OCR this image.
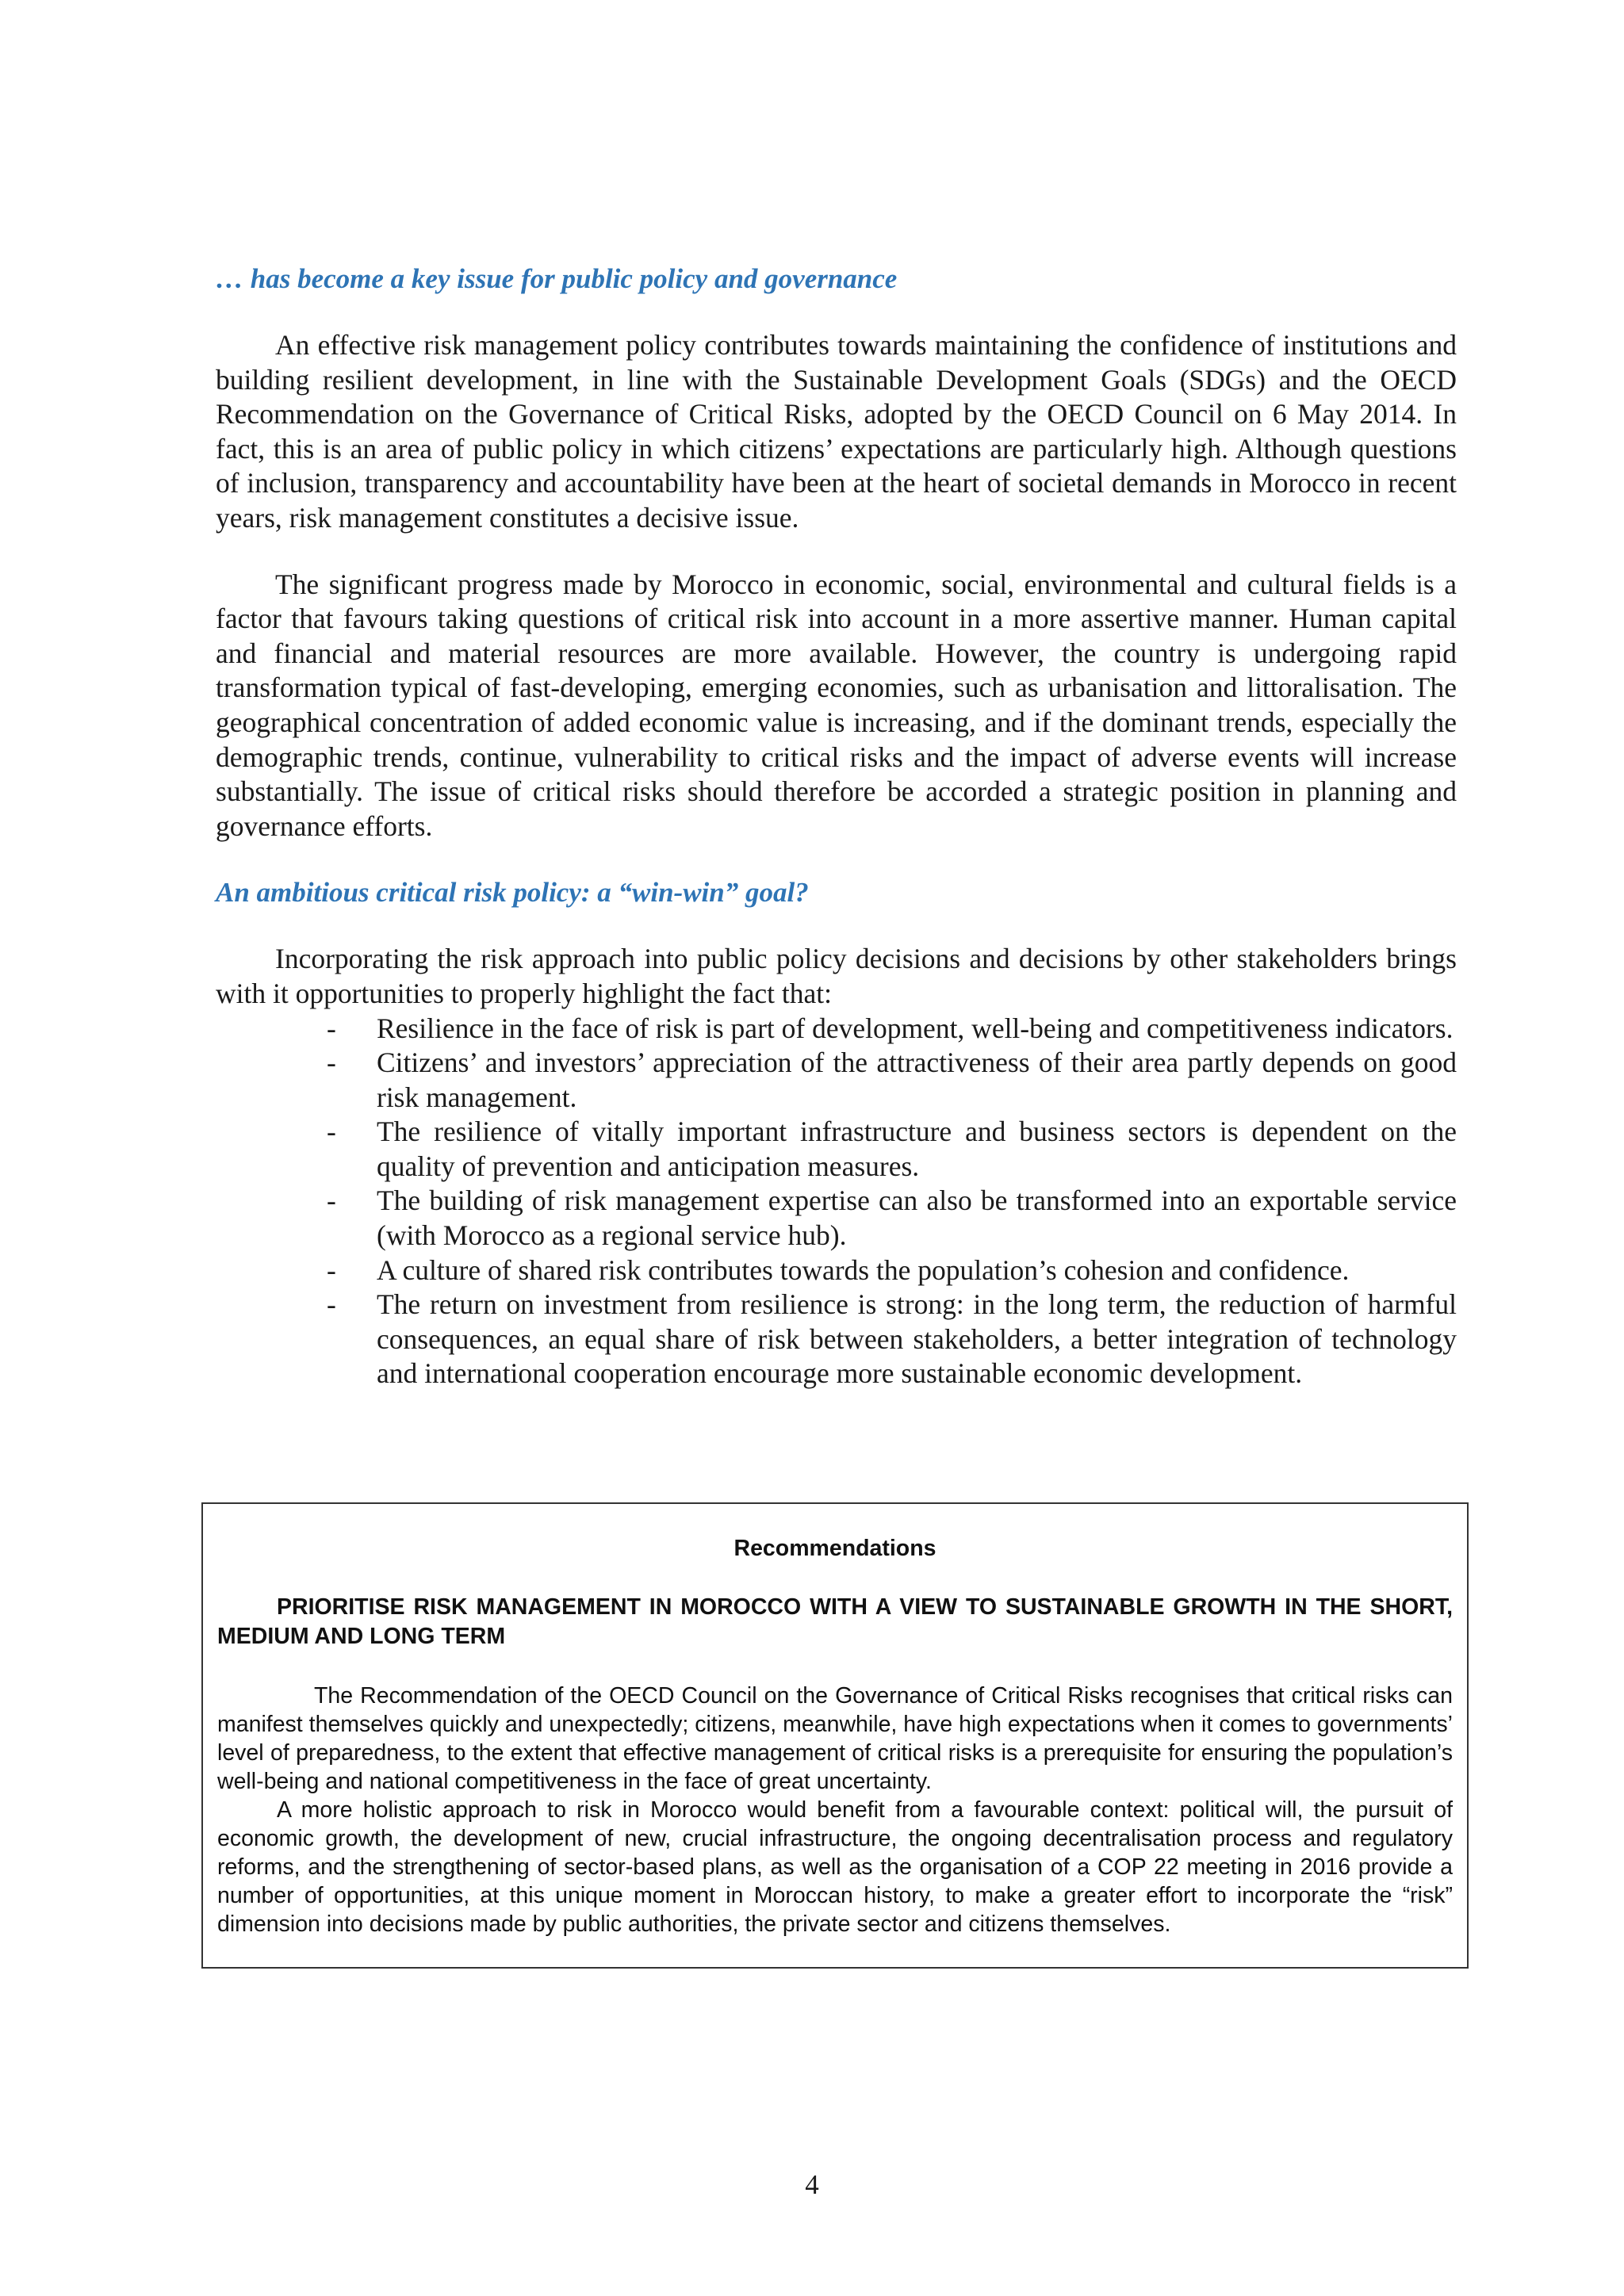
… has become a key issue for public policy and governance

An effective risk management policy contributes towards maintaining the confidence of institutions and building resilient development, in line with the Sustainable Development Goals (SDGs) and the OECD Recommendation on the Governance of Critical Risks, adopted by the OECD Council on 6 May 2014. In fact, this is an area of public policy in which citizens’ expectations are particularly high. Although questions of inclusion, transparency and accountability have been at the heart of societal demands in Morocco in recent years, risk management constitutes a decisive issue.

The significant progress made by Morocco in economic, social, environmental and cultural fields is a factor that favours taking questions of critical risk into account in a more assertive manner. Human capital and financial and material resources are more available. However, the country is undergoing rapid transformation typical of fast-developing, emerging economies, such as urbanisation and littoralisation. The geographical concentration of added economic value is increasing, and if the dominant trends, especially the demographic trends, continue, vulnerability to critical risks and the impact of adverse events will increase substantially. The issue of critical risks should therefore be accorded a strategic position in planning and governance efforts.

An ambitious critical risk policy: a “win-win” goal?

Incorporating the risk approach into public policy decisions and decisions by other stakeholders brings with it opportunities to properly highlight the fact that:

- Resilience in the face of risk is part of development, well-being and competitiveness indicators.
- Citizens’ and investors’ appreciation of the attractiveness of their area partly depends on good risk management.
- The resilience of vitally important infrastructure and business sectors is dependent on the quality of prevention and anticipation measures.
- The building of risk management expertise can also be transformed into an exportable service (with Morocco as a regional service hub).
- A culture of shared risk contributes towards the population’s cohesion and confidence.
- The return on investment from resilience is strong: in the long term, the reduction of harmful consequences, an equal share of risk between stakeholders, a better integration of technology and international cooperation encourage more sustainable economic development.

Recommendations

PRIORITISE RISK MANAGEMENT IN MOROCCO WITH A VIEW TO SUSTAINABLE GROWTH IN THE SHORT, MEDIUM AND LONG TERM

The Recommendation of the OECD Council on the Governance of Critical Risks recognises that critical risks can manifest themselves quickly and unexpectedly; citizens, meanwhile, have high expectations when it comes to governments’ level of preparedness, to the extent that effective management of critical risks is a prerequisite for ensuring the population’s well-being and national competitiveness in the face of great uncertainty.

A more holistic approach to risk in Morocco would benefit from a favourable context: political will, the pursuit of economic growth, the development of new, crucial infrastructure, the ongoing decentralisation process and regulatory reforms, and the strengthening of sector-based plans, as well as the organisation of a COP 22 meeting in 2016 provide a number of opportunities, at this unique moment in Moroccan history, to make a greater effort to incorporate the “risk” dimension into decisions made by public authorities, the private sector and citizens themselves.

4
